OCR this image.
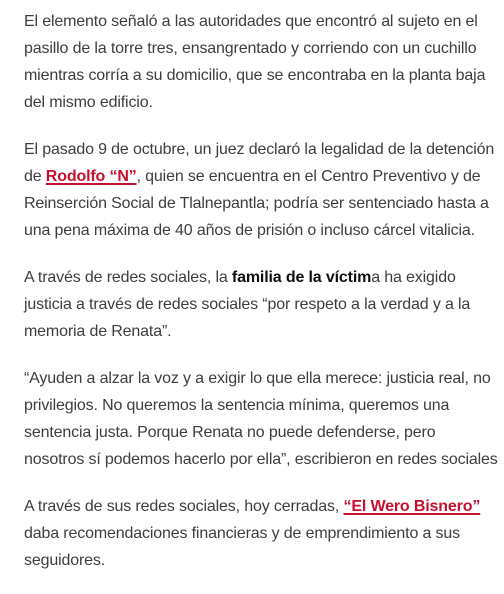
El elemento señaló a las autoridades que encontró al sujeto en el pasillo de la torre tres, ensangrentado y corriendo con un cuchillo mientras corría a su domicilio, que se encontraba en la planta baja del mismo edificio.

El pasado 9 de octubre, un juez declaró la legalidad de la detención de Rodolfo “N”, quien se encuentra en el Centro Preventivo y de Reinserción Social de Tlalnepantla; podría ser sentenciado hasta a una pena máxima de 40 años de prisión o incluso cárcel vitalicia.

A través de redes sociales, la familia de la víctima ha exigido justicia a través de redes sociales “por respeto a la verdad y a la memoria de Renata”.

“Ayuden a alzar la voz y a exigir lo que ella merece: justicia real, no privilegios. No queremos la sentencia mínima, queremos una sentencia justa. Porque Renata no puede defenderse, pero nosotros sí podemos hacerlo por ella”, escribieron en redes sociales

A través de sus redes sociales, hoy cerradas, “El Wero Bisnero” daba recomendaciones financieras y de emprendimiento a sus seguidores.
